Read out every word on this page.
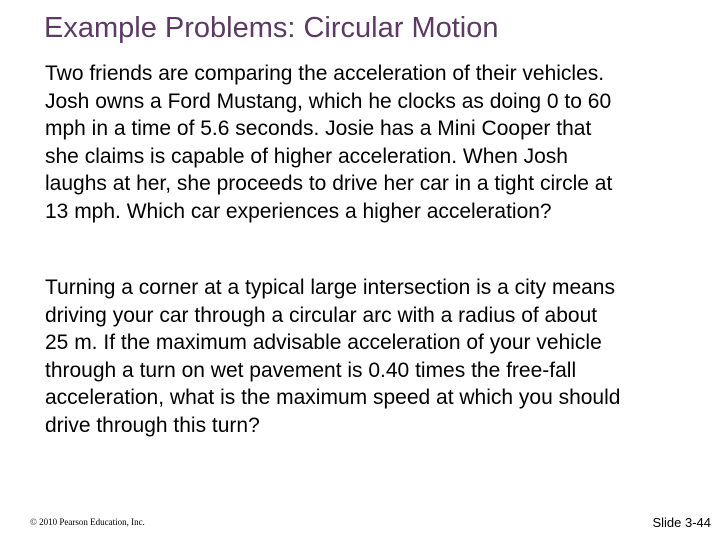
Example Problems: Circular Motion
Two friends are comparing the acceleration of their vehicles.
Josh owns a Ford Mustang, which he clocks as doing 0 to 60
mph in a time of 5.6 seconds. Josie has a Mini Cooper that
she claims is capable of higher acceleration. When Josh
laughs at her, she proceeds to drive her car in a tight circle at
13 mph. Which car experiences a higher acceleration?
Turning a corner at a typical large intersection is a city means
driving your car through a circular arc with a radius of about
25 m. If the maximum advisable acceleration of your vehicle
through a turn on wet pavement is 0.40 times the free-fall
acceleration, what is the maximum speed at which you should
drive through this turn?
© 2010 Pearson Education, Inc.	Slide 3-44
